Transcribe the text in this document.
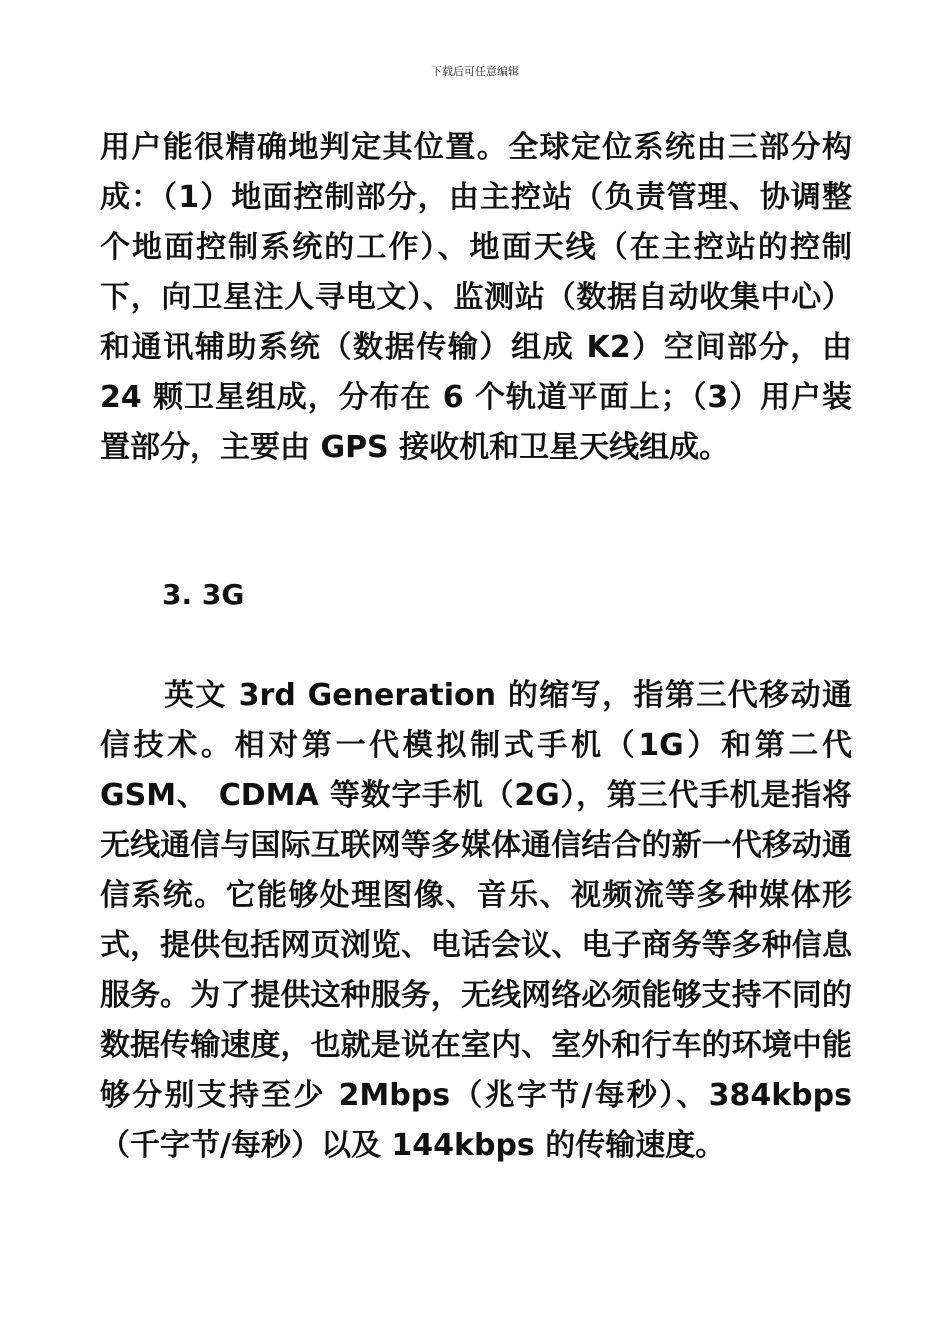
下载后可任意编辑

用户能很精确地判定其位置。全球定位系统由三部分构成：（1）地面控制部分，由主控站（负责管理、协调整个地面控制系统的工作）、地面天线（在主控站的控制 下，向卫星注人寻电文）、监测站（数据自动收集中心）和通讯辅助系统（数据传输）组成 K2）空间部分，由 24 颗卫星组成，分布在 6 个轨道平面上；（3）用户装置部分，主要由 GPS 接收机和卫星天线组成。

3. 3G

英文 3rd Generation 的缩写，指第三代移动通信技术。相对第一代模拟制式手机（1G）和第二代 GSM、 CDMA 等数字手机（2G），第三代手机是指将无线通信与国际互联网等多媒体通信结合的新一代移动通信系统。它能够处理图像、音乐、视频流等多种媒体形式，提供包括网页浏览、电话会议、电子商务等多种信息服务。为了提供这种服务，无线网络必须能够支持不同的数据传输速度，也就是说在室内、室外和行车的环境中能够分别支持至少 2Mbps（兆字节/每秒）、384kbps（千字节/每秒）以及 144kbps 的传输速度。
